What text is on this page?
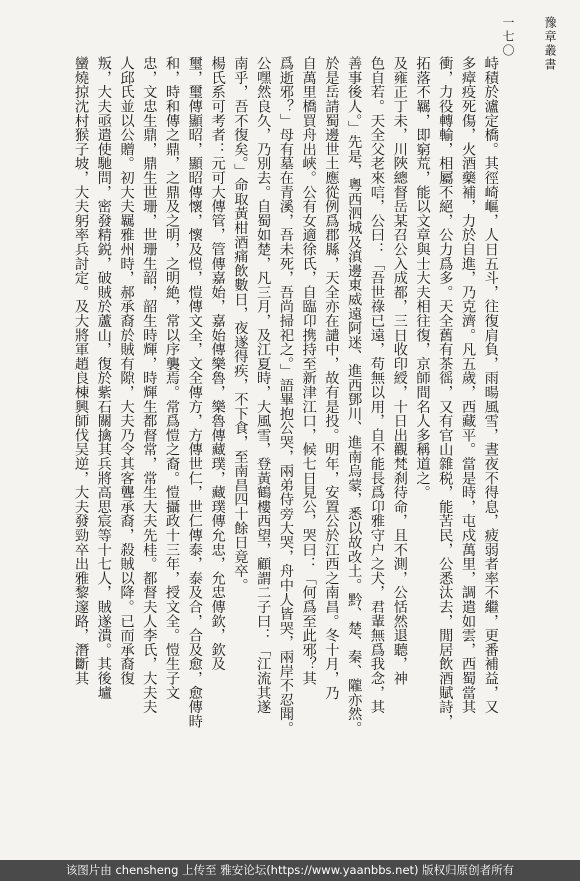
豫章叢書
一七〇
峙積於瀘定橋。其徑崎嶇，人日五斗，往復肩負，雨暘風雪，晝夜不得息，疲弱者率不繼，更番補益，又
多瘴疫死傷，火酒藥補，力於自進，乃克濟。凡五歲，西藏平。當是時，屯戍萬里，調遣如雲，西蜀當其
衝，力役轉輸，相屬不絕，公力爲多。天全舊有茶徭，又有官山雜税，能苦民，公悉汰去，閒居飲酒賦詩，
拓落不羈，即窮荒，能以文章與士大夫相往復，京師間名人多稱道之。
及雍正丁未，川陜總督岳某召公入成都，三日收印綬，十日出觀梵刹待命，且不測，公恬然退聽，神
色自若。天全父老來唁，公曰：「吾世祿已遠，苟無以用，自不能長爲卬雅守户之犬，君輩無爲我念，其
善事後人。」先是，粵西泗城及滇邊東威遠阿迷、進西鄧川、進南烏蒙，悉以故改土。黔、楚、秦、隴亦然。
於是岳請蜀邊世土應從例爲郡縣，天全亦在譴中，故有是投。明年，安置公於江西之南昌。冬十月，乃
自萬里橋買舟出峽。公有女適徐氏，自臨卬携持至新津江口，候七日見公，哭曰：「何爲至此邪？其
爲逝邪？」母有墓在青溪，吾未死，吾尚掃祀之。」語畢抱公哭，兩弟侍旁大哭，舟中人皆哭，兩岸不忍聞。
公嘿然良久，乃別去。自蜀如楚，凡三月，及江夏時，大風雪，登黃鶴樓西望，顧謂二子曰：「江流其遂
南乎，吾不復矣。」命取黃柑酒痛飲數日，夜遂得疾，不下食，至南昌四十餘日竟卒。
楊氏系可考者：元可大傳管，管傳嘉始，嘉始傳樂魯，樂魯傳藏璞，藏璞傳允忠，允忠傳欽，欽及
璽，璽傳顯昭，顯昭傳懷，懷及愷，愷傳文全，文全傳方，方傳世仁，世仁傳泰，泰及合，合及愈，愈傳時
和，時和傳之鼎，之鼎及之明，之明絶，常以序襲焉。常爲愷之裔。愷攝政十三年，授文全。愷生子文
忠，文忠生鼎，鼎生世珊，世珊生韶，韶生時輝，時輝生都督常，常生大夫先桂。都督夫人李氏，大夫夫
人邱氏並以公贈。初大夫羈雅州時，郝承裔於賊有隙，大夫乃令其客聾承裔，殺賊以降。已而承裔復
叛，大夫亟遣使馳問，密發精鋭，破賊於蘆山，復於紫石關擒其兵將高思宸等十七人，賊遂潰。其後壚
蠻燒掠沈村猴子坡，大夫躬率兵討定。及大將軍趙良棟興師伐吴逆，大夫發勁卒出雅黎邃路，潛斷其
该图片由 chensheng 上传至 雅安论坛(https://www.yaanbbs.net) 版权归原创者所有
